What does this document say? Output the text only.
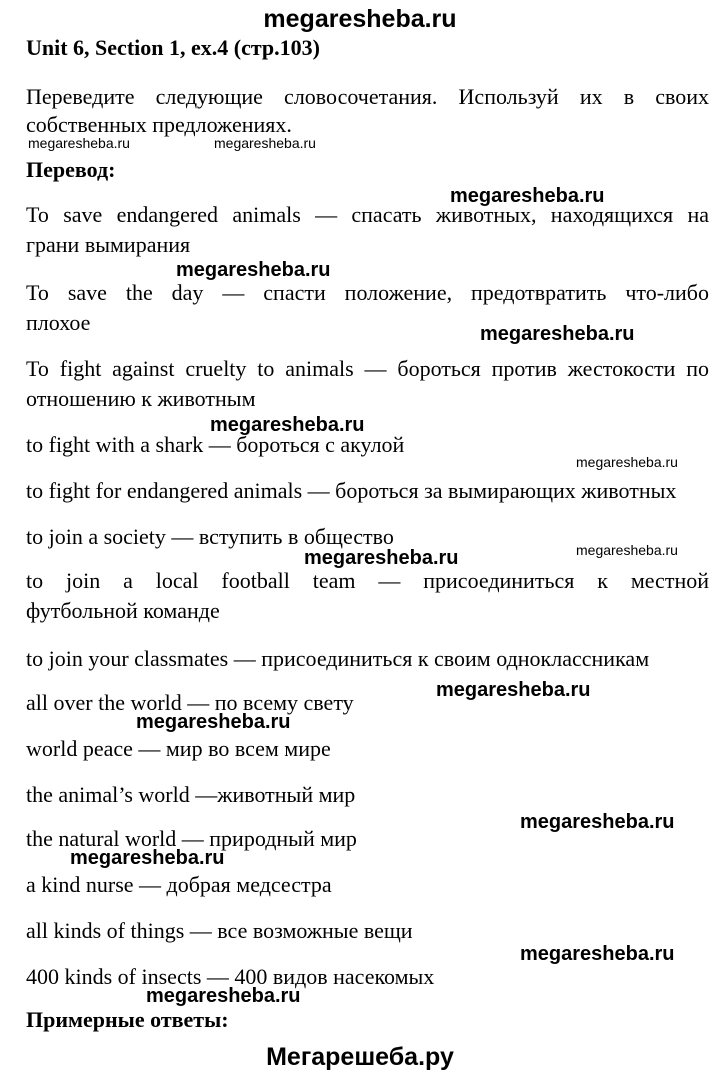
megaresheba.ru
Unit 6, Section 1, ex.4 (стр.103)
Переведите следующие словосочетания. Используй их в своих
собственных предложениях.
megaresheba.ru	megaresheba.ru
Перевод:
megaresheba.ru
To save endangered animals — спасать животных, находящихся на
грани вымирания
megaresheba.ru
To save the day — спасти положение, предотвратить что-либо
плохое	megaresheba.ru
To fight against cruelty to animals — бороться против жестокости по
отношению к животным
megaresheba.ru
to fight with a shark — бороться с акулой
megaresheba.ru
to fight for endangered animals — бороться за вымирающих животных
to join a society — вступить в общество
megaresheba.ru	megaresheba.ru
to join a local football team — присоединиться к местной
футбольной команде
to join your classmates — присоединиться к своим одноклассникам
megaresheba.ru
all over the world — по всему свету
megaresheba.ru
world peace — мир во всем мире
the animal’s world —животный мир
megaresheba.ru
the natural world — природный мир
megaresheba.ru
a kind nurse — добрая медсестра
all kinds of things — все возможные вещи
megaresheba.ru
400 kinds of insects — 400 видов насекомых
megaresheba.ru
Примерные ответы:
Мегарешеба.ру
